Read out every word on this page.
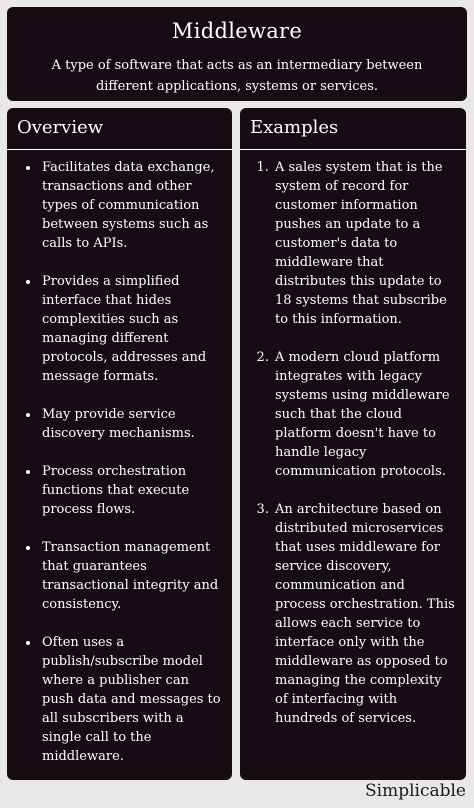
Middleware
A type of software that acts as an intermediary between different applications, systems or services.
Overview
• Facilitates data exchange, transactions and other types of communication between systems such as calls to APIs.
• Provides a simplified interface that hides complexities such as managing different protocols, addresses and message formats.
• May provide service discovery mechanisms.
• Process orchestration functions that execute process flows.
• Transaction management that guarantees transactional integrity and consistency.
• Often uses a publish/subscribe model where a publisher can push data and messages to all subscribers with a single call to the middleware.
Examples
1. A sales system that is the system of record for customer information pushes an update to a customer's data to middleware that distributes this update to 18 systems that subscribe to this information.
2. A modern cloud platform integrates with legacy systems using middleware such that the cloud platform doesn't have to handle legacy communication protocols.
3. An architecture based on distributed microservices that uses middleware for service discovery, communication and process orchestration. This allows each service to interface only with the middleware as opposed to managing the complexity of interfacing with hundreds of services.
Simplicable
